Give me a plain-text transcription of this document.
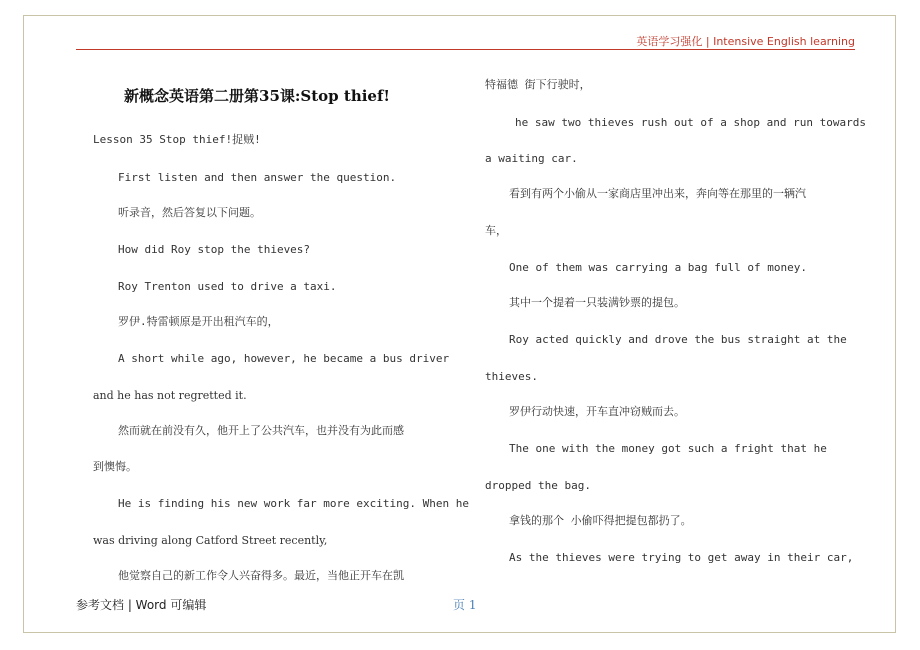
英语学习强化 | Intensive English learning
新概念英语第二册第35课:Stop thief!
Lesson 35 Stop thief!捉贼!
First listen and then answer the question.
听录音，然后答复以下问题。
How did Roy stop the thieves?
Roy Trenton used to drive a taxi.
罗伊.特雷顿原是开出租汽车的，
A short while ago, however, he became a bus driver
and he has not regretted it.
然而就在前没有久，他开上了公共汽车，也并没有为此而感
到懊悔。
He is finding his new work far more exciting. When he
was driving along Catford Street recently,
他觉察自己的新工作令人兴奋得多。最近，当他正开车在凯
特福德 街下行驶时，
he saw two thieves rush out of a shop and run towards
a waiting car.
看到有两个小偷从一家商店里冲出来，奔向等在那里的一辆汽
车，
One of them was carrying a bag full of money.
其中一个提着一只装满钞票的提包。
Roy acted quickly and drove the bus straight at the
thieves.
罗伊行动快速，开车直冲窃贼而去。
The one with the money got such a fright that he
dropped the bag.
拿钱的那个 小偷吓得把提包都扔了。
As the thieves were trying to get away in their car,
参考文档 | Word 可编辑	页 1
